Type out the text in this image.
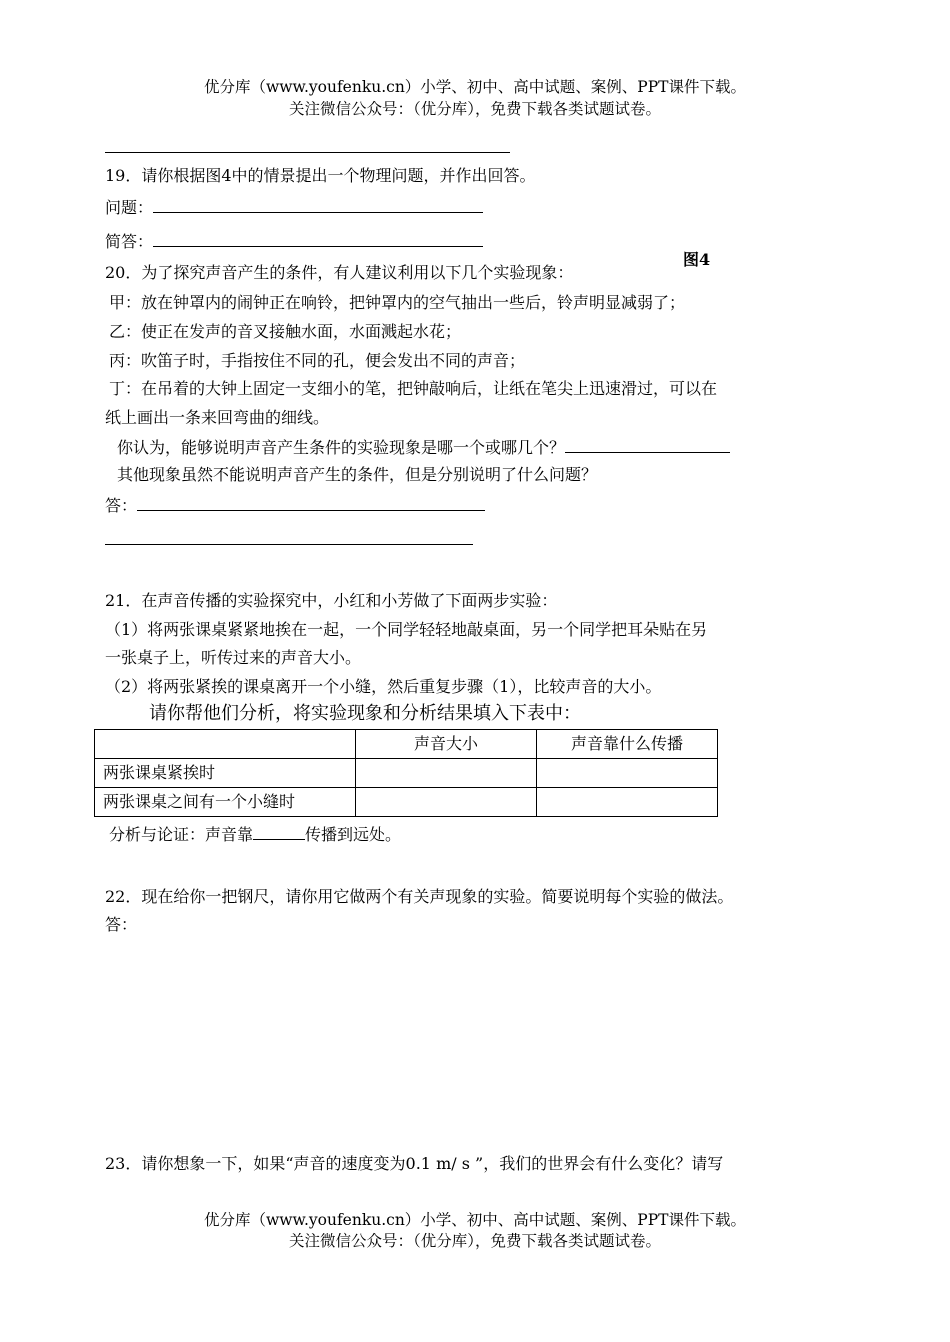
优分库（www.youfenku.cn）小学、初中、高中试题、案例、PPT课件下载。
关注微信公众号：（优分库），免费下载各类试题试卷。
19．请你根据图4中的情景提出一个物理问题，并作出回答。
问题：
简答：
图4
20．为了探究声音产生的条件，有人建议利用以下几个实验现象：
甲：放在钟罩内的闹钟正在响铃，把钟罩内的空气抽出一些后，铃声明显减弱了；
乙：使正在发声的音叉接触水面，水面溅起水花；
丙：吹笛子时，手指按住不同的孔，便会发出不同的声音；
丁：在吊着的大钟上固定一支细小的笔，把钟敲响后，让纸在笔尖上迅速滑过，可以在
纸上画出一条来回弯曲的细线。
你认为，能够说明声音产生条件的实验现象是哪一个或哪几个？
其他现象虽然不能说明声音产生的条件，但是分别说明了什么问题？
答：
21．在声音传播的实验探究中，小红和小芳做了下面两步实验：
（1）将两张课桌紧紧地挨在一起，一个同学轻轻地敲桌面，另一个同学把耳朵贴在另
一张桌子上，听传过来的声音大小。
（2）将两张紧挨的课桌离开一个小缝，然后重复步骤（1），比较声音的大小。
请你帮他们分析，将实验现象和分析结果填入下表中：
	声音大小	声音靠什么传播
两张课桌紧挨时		
两张课桌之间有一个小缝时		
分析与论证：声音靠	传播到远处。
22．现在给你一把钢尺，请你用它做两个有关声现象的实验。简要说明每个实验的做法。
答：
23．请你想象一下，如果“声音的速度变为0.1 m/ s ”，我们的世界会有什么变化？请写
优分库（www.youfenku.cn）小学、初中、高中试题、案例、PPT课件下载。
关注微信公众号：（优分库），免费下载各类试题试卷。
